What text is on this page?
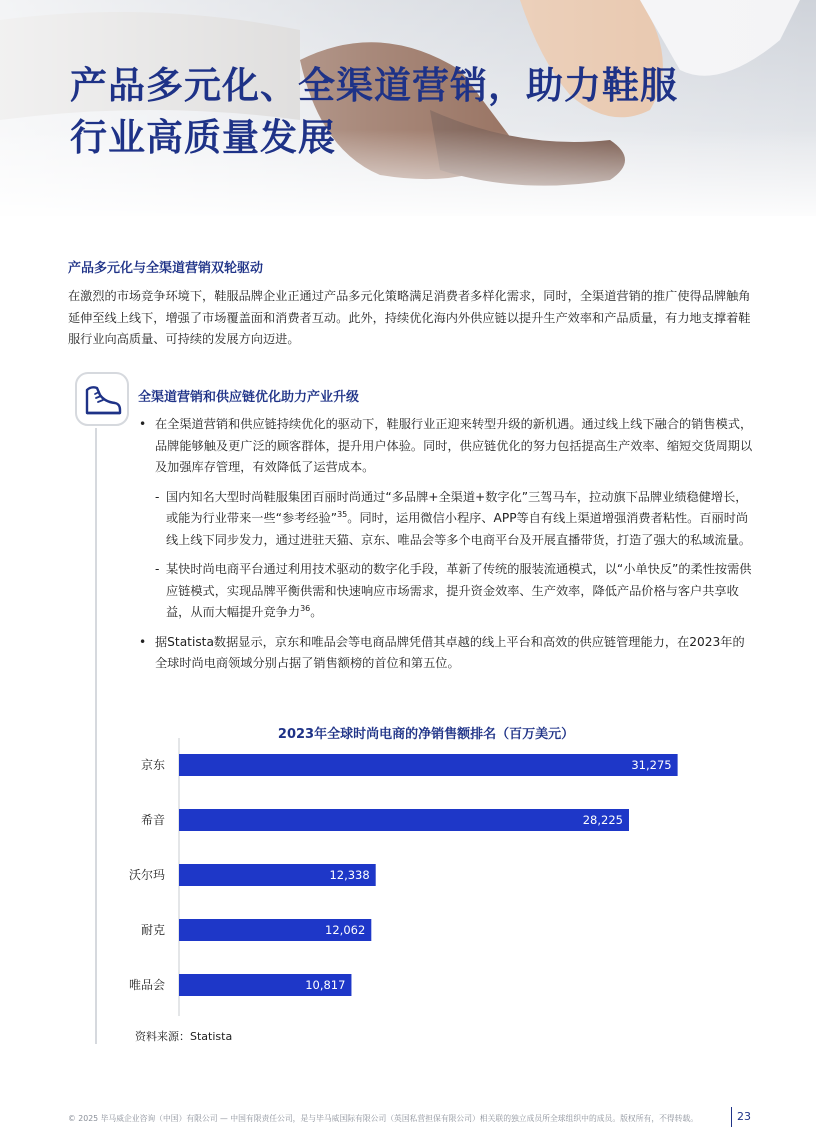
产品多元化、全渠道营销，助力鞋服
行业高质量发展
产品多元化与全渠道营销双轮驱动
在激烈的市场竞争环境下，鞋服品牌企业正通过产品多元化策略满足消费者多样化需求，同时，全渠道营销的推广使得品牌触角延伸至线上线下，增强了市场覆盖面和消费者互动。此外，持续优化海内外供应链以提升生产效率和产品质量，有力地支撑着鞋服行业向高质量、可持续的发展方向迈进。
全渠道营销和供应链优化助力产业升级
• 在全渠道营销和供应链持续优化的驱动下，鞋服行业正迎来转型升级的新机遇。通过线上线下融合的销售模式，品牌能够触及更广泛的顾客群体，提升用户体验。同时，供应链优化的努力包括提高生产效率、缩短交货周期以及加强库存管理，有效降低了运营成本。
- 国内知名大型时尚鞋服集团百丽时尚通过“多品牌+全渠道+数字化”三驾马车，拉动旗下品牌业绩稳健增长，或能为行业带来一些“参考经验”$^{35}$。同时，运用微信小程序、APP等自有线上渠道增强消费者粘性。百丽时尚线上线下同步发力，通过进驻天猫、京东、唯品会等多个电商平台及开展直播带货，打造了强大的私域流量。
- 某快时尚电商平台通过利用技术驱动的数字化手段，革新了传统的服装流通模式，以“小单快反”的柔性按需供应链模式，实现品牌平衡供需和快速响应市场需求，提升资金效率、生产效率，降低产品价格与客户共享收益，从而大幅提升竞争力$^{36}$。
• 据Statista数据显示，京东和唯品会等电商品牌凭借其卓越的线上平台和高效的供应链管理能力，在2023年的全球时尚电商领域分别占据了销售额榜的首位和第五位。
2023年全球时尚电商的净销售额排名（百万美元）
京东	31,275
希音	28,225
沃尔玛	12,338
耐克	12,062
唯品会	10,817
资料来源：Statista
© 2025 毕马威企业咨询（中国）有限公司 — 中国有限责任公司，是与毕马威国际有限公司（英国私营担保有限公司）相关联的独立成员所全球组织中的成员。版权所有，不得转载。	23
